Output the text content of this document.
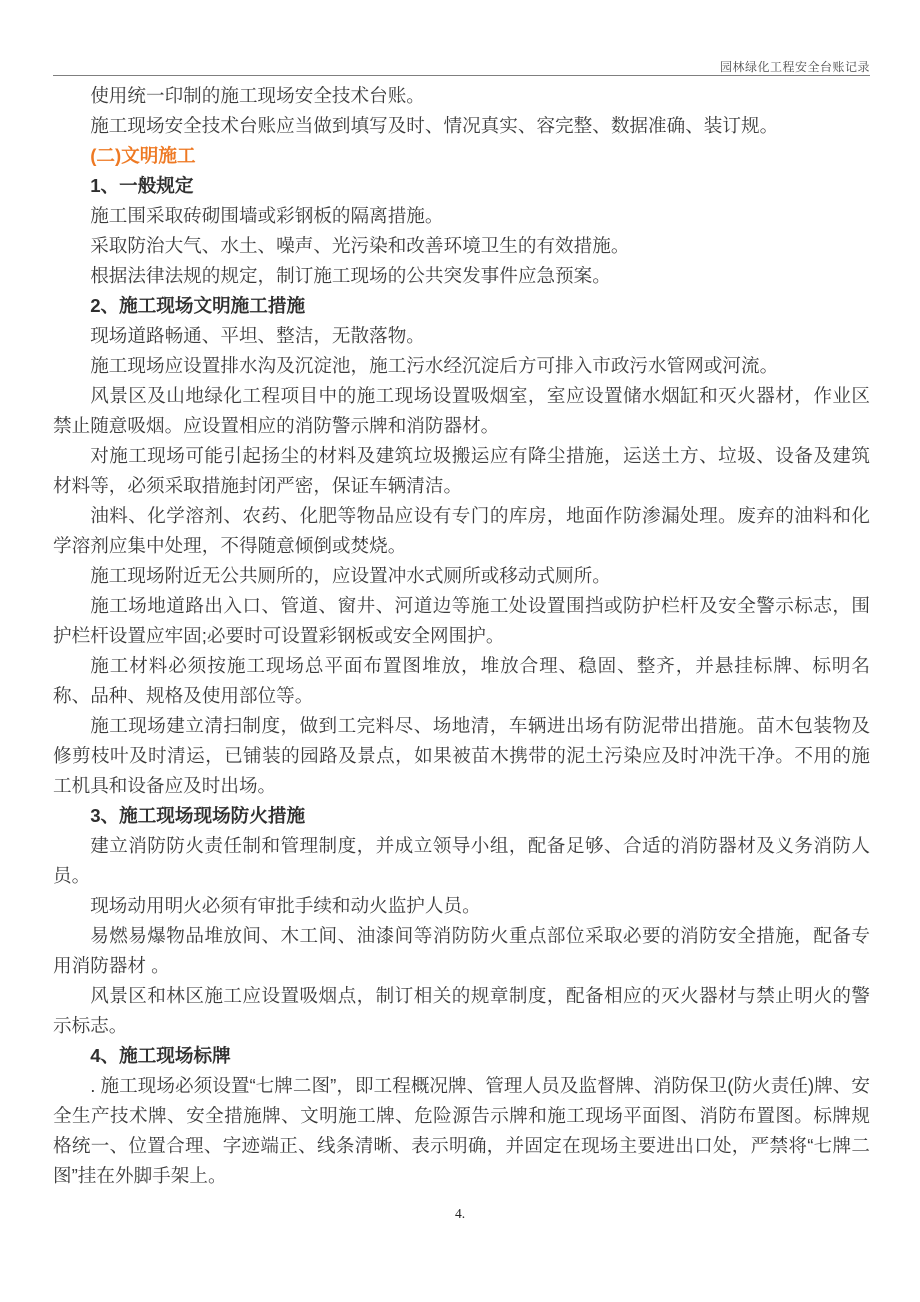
园林绿化工程安全台账记录

使用统一印制的施工现场安全技术台账。

施工现场安全技术台账应当做到填写及时、情况真实、容完整、数据准确、装订规。

(二)文明施工

1、一般规定

施工围采取砖砌围墙或彩钢板的隔离措施。

采取防治大气、水土、噪声、光污染和改善环境卫生的有效措施。

根据法律法规的规定，制订施工现场的公共突发事件应急预案。

2、施工现场文明施工措施

现场道路畅通、平坦、整洁，无散落物。

施工现场应设置排水沟及沉淀池，施工污水经沉淀后方可排入市政污水管网或河流。

风景区及山地绿化工程项目中的施工现场设置吸烟室，室应设置储水烟缸和灭火器材，作业区禁止随意吸烟。应设置相应的消防警示牌和消防器材。

对施工现场可能引起扬尘的材料及建筑垃圾搬运应有降尘措施，运送土方、垃圾、设备及建筑材料等，必须采取措施封闭严密，保证车辆清洁。

油料、化学溶剂、农药、化肥等物品应设有专门的库房，地面作防渗漏处理。废弃的油料和化学溶剂应集中处理，不得随意倾倒或焚烧。

施工现场附近无公共厕所的，应设置冲水式厕所或移动式厕所。

施工场地道路出入口、管道、窗井、河道边等施工处设置围挡或防护栏杆及安全警示标志，围护栏杆设置应牢固;必要时可设置彩钢板或安全网围护。

施工材料必须按施工现场总平面布置图堆放，堆放合理、稳固、整齐，并悬挂标牌、标明名称、品种、规格及使用部位等。

施工现场建立清扫制度，做到工完料尽、场地清，车辆进出场有防泥带出措施。苗木包装物及修剪枝叶及时清运，已铺装的园路及景点，如果被苗木携带的泥土污染应及时冲洗干净。不用的施工机具和设备应及时出场。

3、施工现场现场防火措施

建立消防防火责任制和管理制度，并成立领导小组，配备足够、合适的消防器材及义务消防人员。

现场动用明火必须有审批手续和动火监护人员。

易燃易爆物品堆放间、木工间、油漆间等消防防火重点部位采取必要的消防安全措施，配备专用消防器材 。

风景区和林区施工应设置吸烟点，制订相关的规章制度，配备相应的灭火器材与禁止明火的警示标志。

4、施工现场标牌

. 施工现场必须设置“七牌二图”，即工程概况牌、管理人员及监督牌、消防保卫(防火责任)牌、安全生产技术牌、安全措施牌、文明施工牌、危险源告示牌和施工现场平面图、消防布置图。标牌规格统一、位置合理、字迹端正、线条清晰、表示明确，并固定在现场主要进出口处，严禁将“七牌二图”挂在外脚手架上。

4.
